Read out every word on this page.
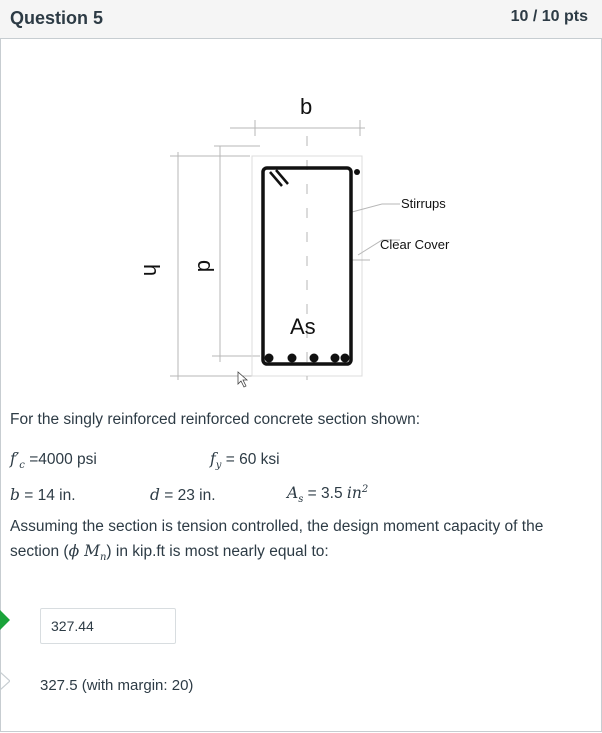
Question 5	10 / 10 pts
b
As
Stirrups
Clear Cover
h d
For the singly reinforced reinforced concrete section shown:
$f'_c =4000$ psi	$f_y = 60$ ksi
b = 14 in.	d = 23 in.	$A_s = 3.5$ $in^2$
Assuming the section is tension controlled, the design moment capacity of the
section (ϕ $M_n$) in kip.ft is most nearly equal to:
327.44
327.5 (with margin: 20)
